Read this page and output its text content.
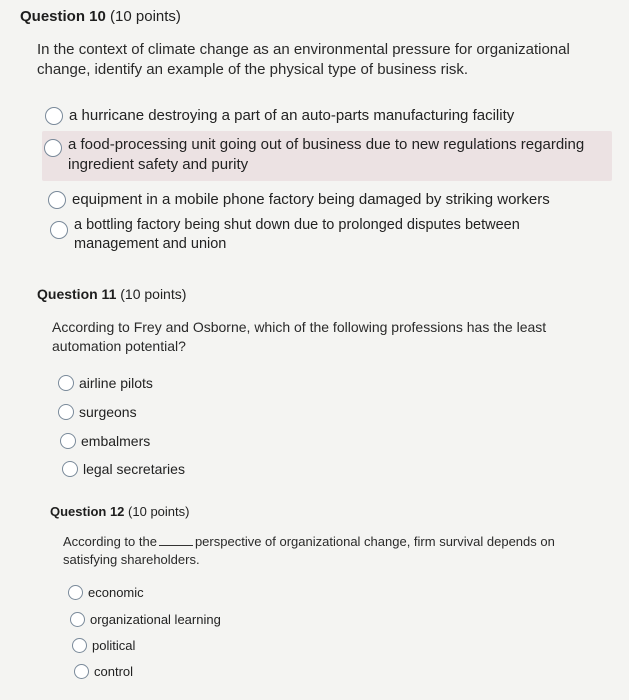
Question 10 (10 points)
In the context of climate change as an environmental pressure for organizational change, identify an example of the physical type of business risk.
a hurricane destroying a part of an auto-parts manufacturing facility
a food-processing unit going out of business due to new regulations regarding ingredient safety and purity
equipment in a mobile phone factory being damaged by striking workers
a bottling factory being shut down due to prolonged disputes between management and union
Question 11 (10 points)
According to Frey and Osborne, which of the following professions has the least automation potential?
airline pilots
surgeons
embalmers
legal secretaries
Question 12 (10 points)
According to the	perspective of organizational change, firm survival depends on satisfying shareholders.
economic
organizational learning
political
control
